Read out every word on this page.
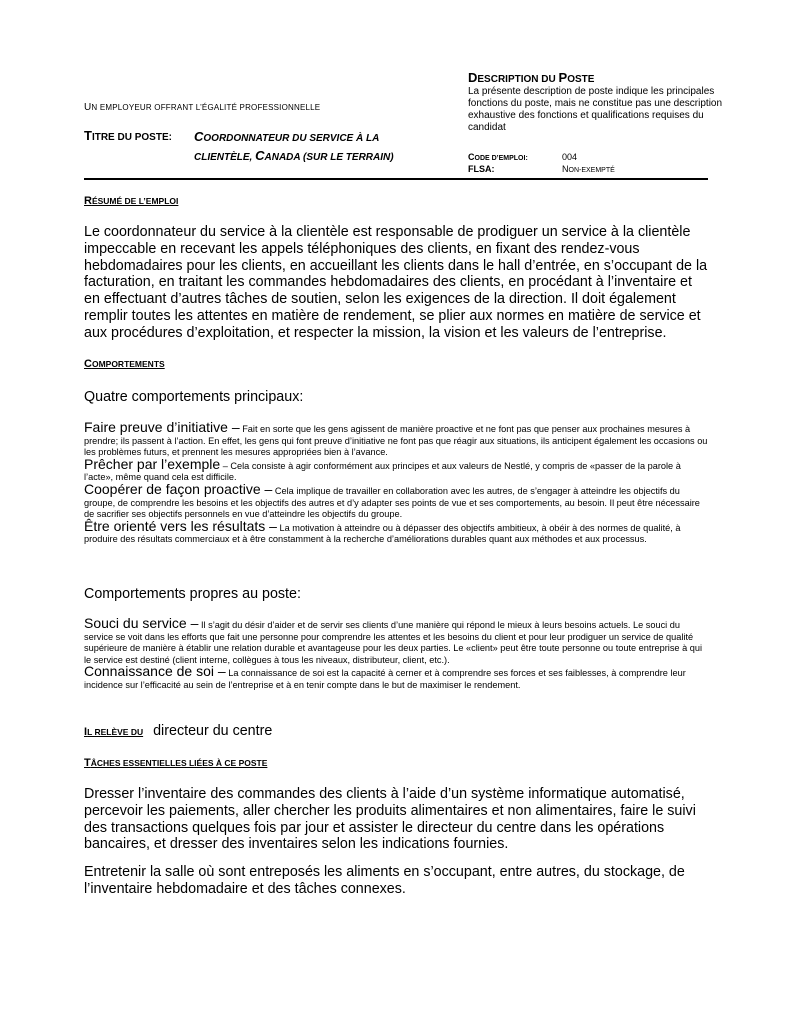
UN EMPLOYEUR OFFRANT L’ÉGALITÉ PROFESSIONNELLE
TITRE DU POSTE: COORDONNATEUR DU SERVICE À LA
CLIENTÈLE, CANADA (SUR LE TERRAIN)
DESCRIPTION DU POSTE
La présente description de poste indique les principales fonctions du poste, mais ne constitue pas une description exhaustive des fonctions et qualifications requises du candidat
CODE D’EMPLOI:	004
FLSA:	NON-EXEMPTÉ
RÉSUMÉ DE L’EMPLOI
Le coordonnateur du service à la clientèle est responsable de prodiguer un service à la clientèle impeccable en recevant les appels téléphoniques des clients, en fixant des rendez-vous hebdomadaires pour les clients, en accueillant les clients dans le hall d’entrée, en s’occupant de la facturation, en traitant les commandes hebdomadaires des clients, en procédant à l’inventaire et en effectuant d’autres tâches de soutien, selon les exigences de la direction. Il doit également remplir toutes les attentes en matière de rendement, se plier aux normes en matière de service et aux procédures d’exploitation, et respecter la mission, la vision et les valeurs de l’entreprise.
COMPORTEMENTS
Quatre comportements principaux:
Faire preuve d’initiative – Fait en sorte que les gens agissent de manière proactive et ne font pas que penser aux prochaines mesures à prendre; ils passent à l’action. En effet, les gens qui font preuve d’initiative ne font pas que réagir aux situations, ils anticipent également les occasions ou les problèmes futurs, et prennent les mesures appropriées bien à l’avance.
Prêcher par l’exemple – Cela consiste à agir conformément aux principes et aux valeurs de Nestlé, y compris de «passer de la parole à l’acte», même quand cela est difficile.
Coopérer de façon proactive – Cela implique de travailler en collaboration avec les autres, de s’engager à atteindre les objectifs du groupe, de comprendre les besoins et les objectifs des autres et d’y adapter ses points de vue et ses comportements, au besoin. Il peut être nécessaire de sacrifier ses objectifs personnels en vue d’atteindre les objectifs du groupe.
Être orienté vers les résultats – La motivation à atteindre ou à dépasser des objectifs ambitieux, à obéir à des normes de qualité, à produire des résultats commerciaux et à être constamment à la recherche d’améliorations durables quant aux méthodes et aux processus.
Comportements propres au poste:
Souci du service – Il s’agit du désir d’aider et de servir ses clients d’une manière qui répond le mieux à leurs besoins actuels. Le souci du service se voit dans les efforts que fait une personne pour comprendre les attentes et les besoins du client et pour leur prodiguer un service de qualité supérieure de manière à établir une relation durable et avantageuse pour les deux parties. Le «client» peut être toute personne ou toute entreprise à qui le service est destiné (client interne, collègues à tous les niveaux, distributeur, client, etc.).
Connaissance de soi – La connaissance de soi est la capacité à cerner et à comprendre ses forces et ses faiblesses, à comprendre leur incidence sur l’efficacité au sein de l’entreprise et à en tenir compte dans le but de maximiser le rendement.
IL RELÈVE DU directeur du centre
TÂCHES ESSENTIELLES LIÉES À CE POSTE
Dresser l’inventaire des commandes des clients à l’aide d’un système informatique automatisé, percevoir les paiements, aller chercher les produits alimentaires et non alimentaires, faire le suivi des transactions quelques fois par jour et assister le directeur du centre dans les opérations bancaires, et dresser des inventaires selon les indications fournies.
Entretenir la salle où sont entreposés les aliments en s’occupant, entre autres, du stockage, de l’inventaire hebdomadaire et des tâches connexes.
